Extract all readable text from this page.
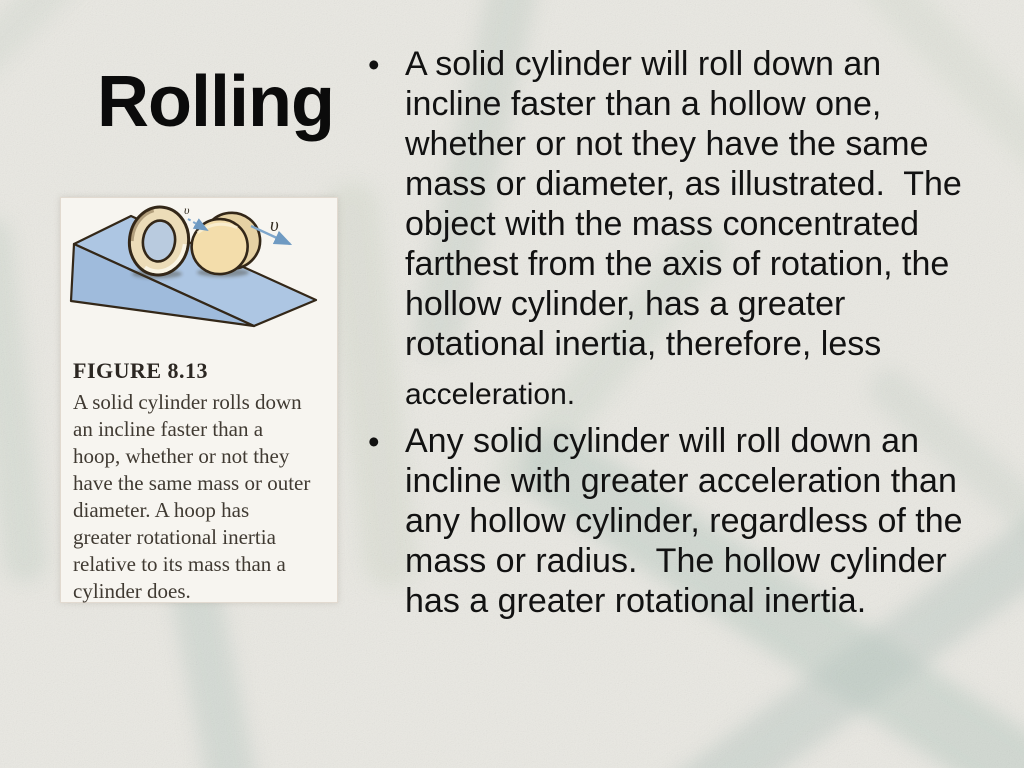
Rolling
υ
υ
FIGURE 8.13
A solid cylinder rolls down
an incline faster than a
hoop, whether or not they
have the same mass or outer
diameter. A hoop has
greater rotational inertia
relative to its mass than a
cylinder does.
• A solid cylinder will roll down an
incline faster than a hollow one,
whether or not they have the same
mass or diameter, as illustrated.  The
object with the mass concentrated
farthest from the axis of rotation, the
hollow cylinder, has a greater
rotational inertia, therefore, less
acceleration.
• Any solid cylinder will roll down an
incline with greater acceleration than
any hollow cylinder, regardless of the
mass or radius.  The hollow cylinder
has a greater rotational inertia.
